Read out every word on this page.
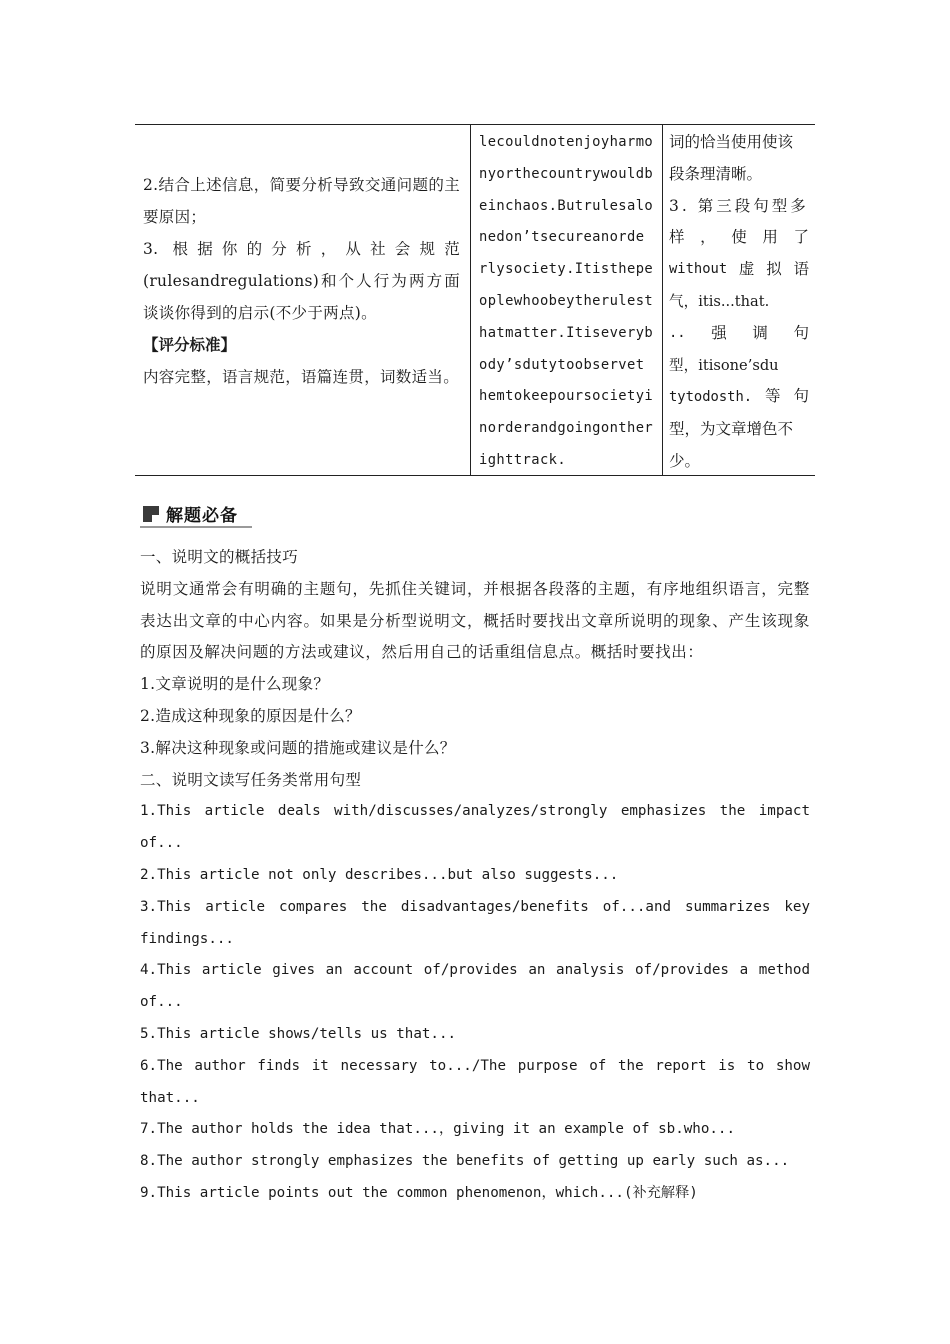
2.结合上述信息，简要分析导致交通问题的主要原因；
3. 根据你的分析，从社会规范(rulesandregulations)和个人行为两方面谈谈你得到的启示(不少于两点)。
【评分标准】
内容完整，语言规范，语篇连贯，词数适当。
lecouldnotenjoyharmo
nyorthecountrywouldb
einchaos.Butrulesalo
nedon’tsecureanorde
rlysociety.Itisthepe
oplewhoobeytherulest
hatmatter.Itiseveryb
ody’sdutytoobservet
hemtokeepoursocietyi
norderandgoingonther
ighttrack.
词的恰当使用使该
段条理清晰。
3. 第三段句型多
样 ， 使 用 了
without 虚 拟 语
气，itis...that.
.. 强 调 句
型，itisone’sdu
tytodosth. 等 句
型，为文章增色不
少。
解题必备
一、说明文的概括技巧
说明文通常会有明确的主题句，先抓住关键词，并根据各段落的主题，有序地组织语言，完整表达出文章的中心内容。如果是分析型说明文，概括时要找出文章所说明的现象、产生该现象的原因及解决问题的方法或建议，然后用自己的话重组信息点。概括时要找出：
1.文章说明的是什么现象？
2.造成这种现象的原因是什么？
3.解决这种现象或问题的措施或建议是什么？
二、说明文读写任务类常用句型
1.This article deals with/discusses/analyzes/strongly emphasizes the impact of...
2.This article not only describes...but also suggests...
3.This article compares the disadvantages/benefits of...and summarizes key findings...
4.This article gives an account of/provides an analysis of/provides a method of...
5.This article shows/tells us that...
6.The author finds it necessary to.../The purpose of the report is to show that...
7.The author holds the idea that...，giving it an example of sb.who...
8.The author strongly emphasizes the benefits of getting up early such as...
9.This article points out the common phenomenon，which...(补充解释)
